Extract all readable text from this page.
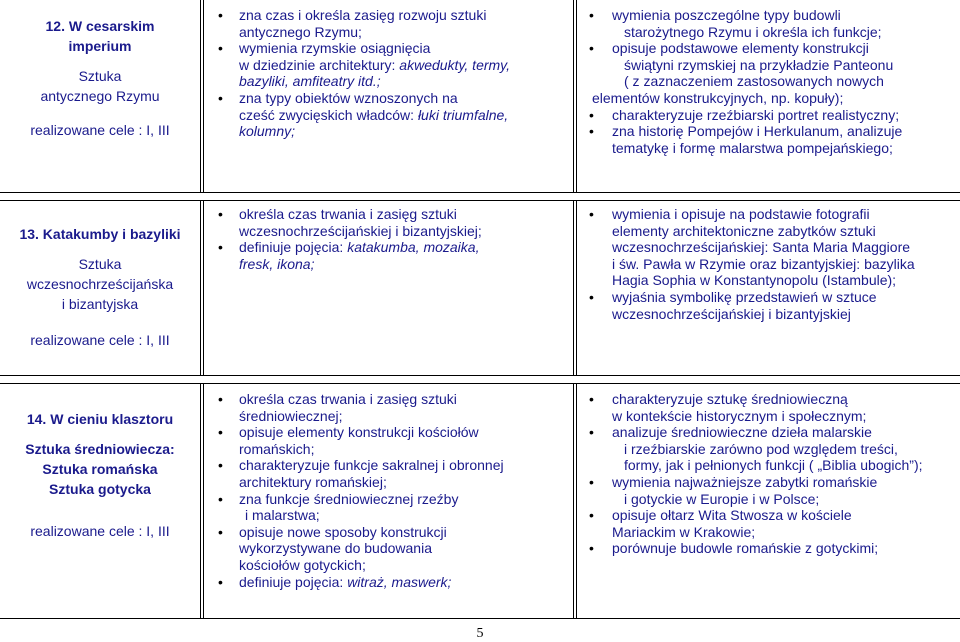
12. W cesarskim
imperium
Sztuka
antycznego Rzymu
realizowane cele : I, III
• zna czas i określa zasięg rozwoju sztuki
antycznego Rzymu;
• wymienia rzymskie osiągnięcia
w dziedzinie architektury: akwedukty, termy,
bazyliki, amfiteatry itd.;
• zna typy obiektów wznoszonych na
cześć zwycięskich władców: łuki triumfalne,
kolumny;
• wymienia poszczególne typy budowli
starożytnego Rzymu i określa ich funkcje;
• opisuje podstawowe elementy konstrukcji
świątyni rzymskiej na przykładzie Panteonu
( z zaznaczeniem zastosowanych nowych
elementów konstrukcyjnych, np. kopuły);
• charakteryzuje rzeźbiarski portret realistyczny;
• zna historię Pompejów i Herkulanum, analizuje
tematykę i formę malarstwa pompejańskiego;
13. Katakumby i bazyliki
Sztuka
wczesnochrześcijańska
i bizantyjska
realizowane cele : I, III
• określa czas trwania i zasięg sztuki
wczesnochrześcijańskiej i bizantyjskiej;
• definiuje pojęcia: katakumba, mozaika,
fresk, ikona;
• wymienia i opisuje na podstawie fotografii
elementy architektoniczne zabytków sztuki
wczesnochrześcijańskiej: Santa Maria Maggiore
i św. Pawła w Rzymie oraz bizantyjskiej: bazylika
Hagia Sophia w Konstantynopolu (Istambule);
• wyjaśnia symbolikę przedstawień w sztuce
wczesnochrześcijańskiej i bizantyjskiej
14. W cieniu klasztoru
Sztuka średniowiecza:
Sztuka romańska
Sztuka gotycka
realizowane cele : I, III
• określa czas trwania i zasięg sztuki
średniowiecznej;
• opisuje elementy konstrukcji kościołów
romańskich;
• charakteryzuje funkcje sakralnej i obronnej
architektury romańskiej;
• zna funkcje średniowiecznej rzeźby
i malarstwa;
• opisuje nowe sposoby konstrukcji
wykorzystywane do budowania
kościołów gotyckich;
• definiuje pojęcia: witraż, maswerk;
• charakteryzuje sztukę średniowieczną
w kontekście historycznym i społecznym;
• analizuje średniowieczne dzieła malarskie
i rzeźbiarskie zarówno pod względem treści,
formy, jak i pełnionych funkcji ( „Biblia ubogich”);
• wymienia najważniejsze zabytki romańskie
i gotyckie w Europie i w Polsce;
• opisuje ołtarz Wita Stwosza w kościele
Mariackim w Krakowie;
• porównuje budowle romańskie z gotyckimi;
5
